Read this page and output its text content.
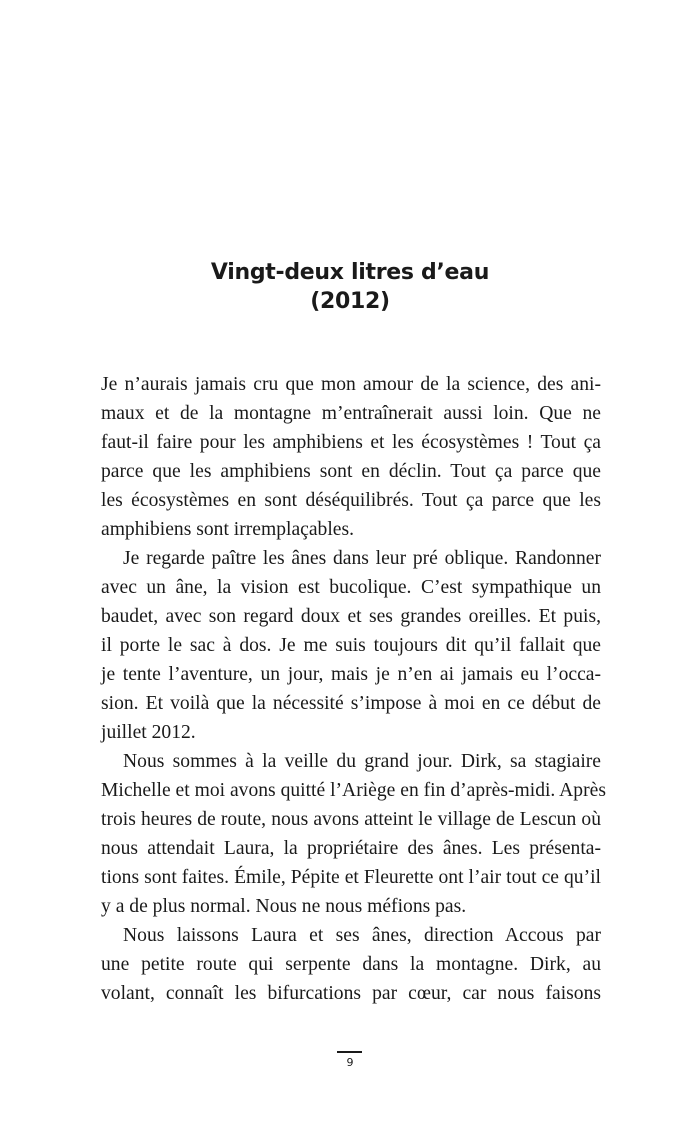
Vingt-deux litres d’eau
(2012)
Je n’aurais jamais cru que mon amour de la science, des ani-
maux et de la montagne m’entraînerait aussi loin. Que ne
faut-il faire pour les amphibiens et les écosystèmes ! Tout ça
parce que les amphibiens sont en déclin. Tout ça parce que
les écosystèmes en sont déséquilibrés. Tout ça parce que les
amphibiens sont irremplaçables.
Je regarde paître les ânes dans leur pré oblique. Randonner
avec un âne, la vision est bucolique. C’est sympathique un
baudet, avec son regard doux et ses grandes oreilles. Et puis,
il porte le sac à dos. Je me suis toujours dit qu’il fallait que
je tente l’aventure, un jour, mais je n’en ai jamais eu l’occa-
sion. Et voilà que la nécessité s’impose à moi en ce début de
juillet 2012.
Nous sommes à la veille du grand jour. Dirk, sa stagiaire
Michelle et moi avons quitté l’Ariège en fin d’après-midi. Après
trois heures de route, nous avons atteint le village de Lescun où
nous attendait Laura, la propriétaire des ânes. Les présenta-
tions sont faites. Émile, Pépite et Fleurette ont l’air tout ce qu’il
y a de plus normal. Nous ne nous méfions pas.
Nous laissons Laura et ses ânes, direction Accous par
une petite route qui serpente dans la montagne. Dirk, au
volant, connaît les bifurcations par cœur, car nous faisons
9
